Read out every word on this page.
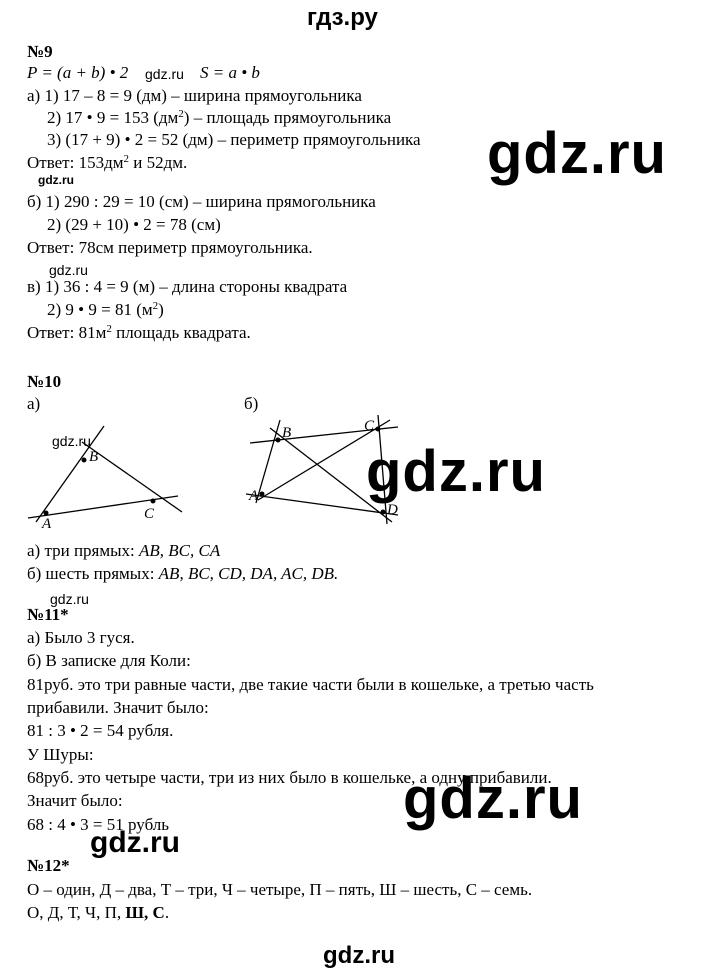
гдз.ру
№9
P = (a + b) • 2 gdz.ru S = a • b
а) 1) 17 – 8 = 9 (дм) – ширина прямоугольника
2) 17 • 9 = 153 $(дм^2)$ – площадь прямоугольника
3) (17 + 9) • 2 = 52 (дм) – периметр прямоугольника
Ответ: $153дм^2$ и 52дм.
gdz.ru	gdz.ru
б) 1) 290 : 29 = 10 (см) – ширина прямогольника
2) (29 + 10) • 2 = 78 (см)
Ответ: 78см периметр прямоугольника.
gdz.ru
в) 1) 36 : 4 = 9 (м) – длина стороны квадрата
2) 9 • 9 = 81 $(м^2)$
Ответ: $81м^2$ площадь квадрата.
№10
а)	б)
gdz.ru
A
B
C
A
B	C
D
gdz.ru
а) три прямых: AB, BC, CA
б) шесть прямых: AB, BC, CD, DA, AC, DB.
gdz.ru
№11*
а) Было 3 гуся.
б) В записке для Коли:
81руб. это три равные части, две такие части были в кошельке, а третью часть
прибавили. Значит было:
81 : 3 • 2 = 54 рубля.
У Шуры:
68руб. это четыре части, три из них было в кошельке, а одну прибавили.
Значит было:
68 : 4 • 3 = 51 рубль	gdz.ru
gdz.ru
№12*
О – один, Д – два, Т – три, Ч – четыре, П – пять, Ш – шесть, С – семь.
О, Д, Т, Ч, П, Ш, С.
gdz.ru
